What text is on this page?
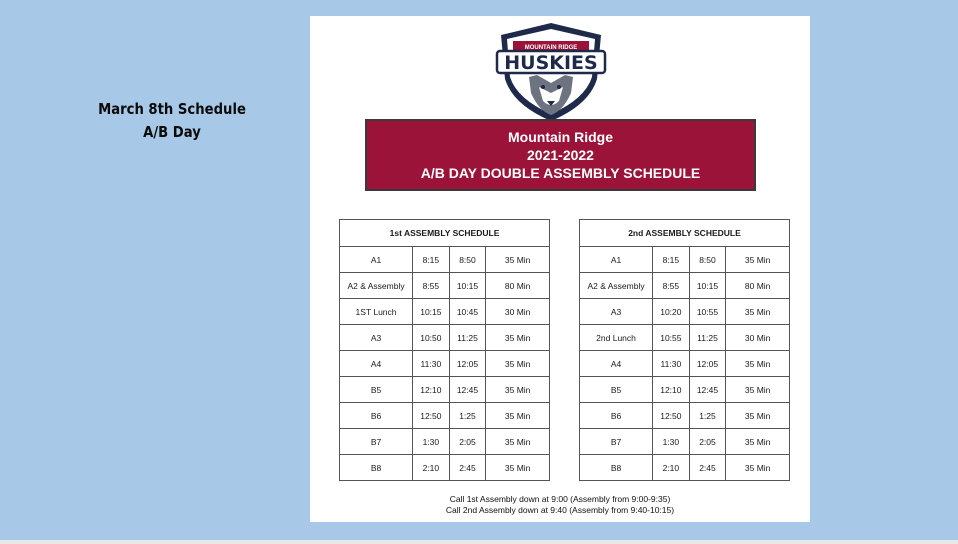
March 8th Schedule
A/B Day
MOUNTAIN RIDGE
HUSKIES
Mountain Ridge
2021-2022
A/B DAY DOUBLE ASSEMBLY SCHEDULE
1st ASSEMBLY SCHEDULE			
A1	8:15	8:50	35 Min
A2 & Assembly	8:55	10:15	80 Min
1ST Lunch	10:15	10:45	30 Min
A3	10:50	11:25	35 Min
A4	11:30	12:05	35 Min
B5	12:10	12:45	35 Min
B6	12:50	1:25	35 Min
B7	1:30	2:05	35 Min
B8	2:10	2:45	35 Min
2nd ASSEMBLY SCHEDULE			
A1	8:15	8:50	35 Min
A2 & Assembly	8:55	10:15	80 Min
A3	10:20	10:55	35 Min
2nd Lunch	10:55	11:25	30 Min
A4	11:30	12:05	35 Min
B5	12:10	12:45	35 Min
B6	12:50	1:25	35 Min
B7	1:30	2:05	35 Min
B8	2:10	2:45	35 Min
Call 1st Assembly down at 9:00 (Assembly from 9:00-9:35)
Call 2nd Assembly down at 9:40 (Assembly from 9:40-10:15)
